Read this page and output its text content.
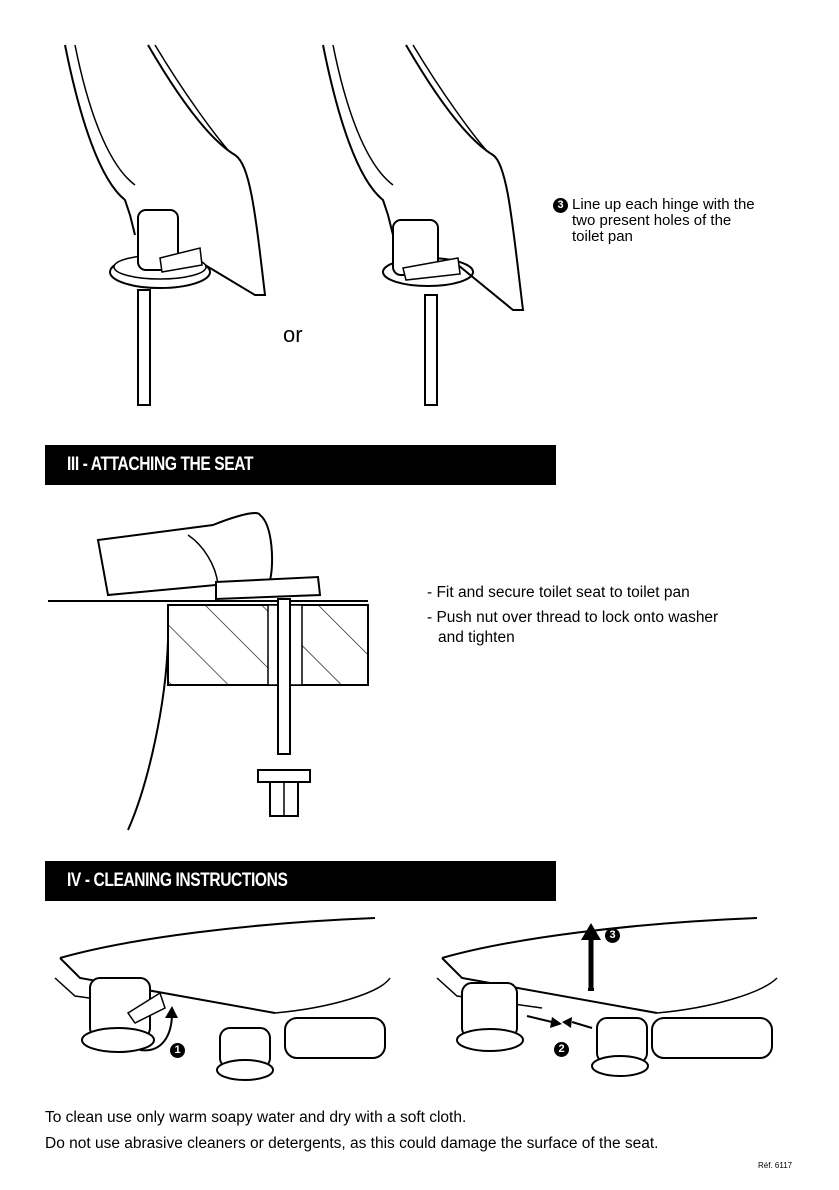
or
3 Line up each hinge with the
two present holes of the
toilet pan
III - ATTACHING THE SEAT
- Fit and secure toilet seat to toilet pan
- Push nut over thread to lock onto washer
and tighten
IV - CLEANING INSTRUCTIONS
1	2
3
To clean use only warm soapy water and dry with a soft cloth.
Do not use abrasive cleaners or detergents, as this could damage the surface of the seat.
Réf. 6117
